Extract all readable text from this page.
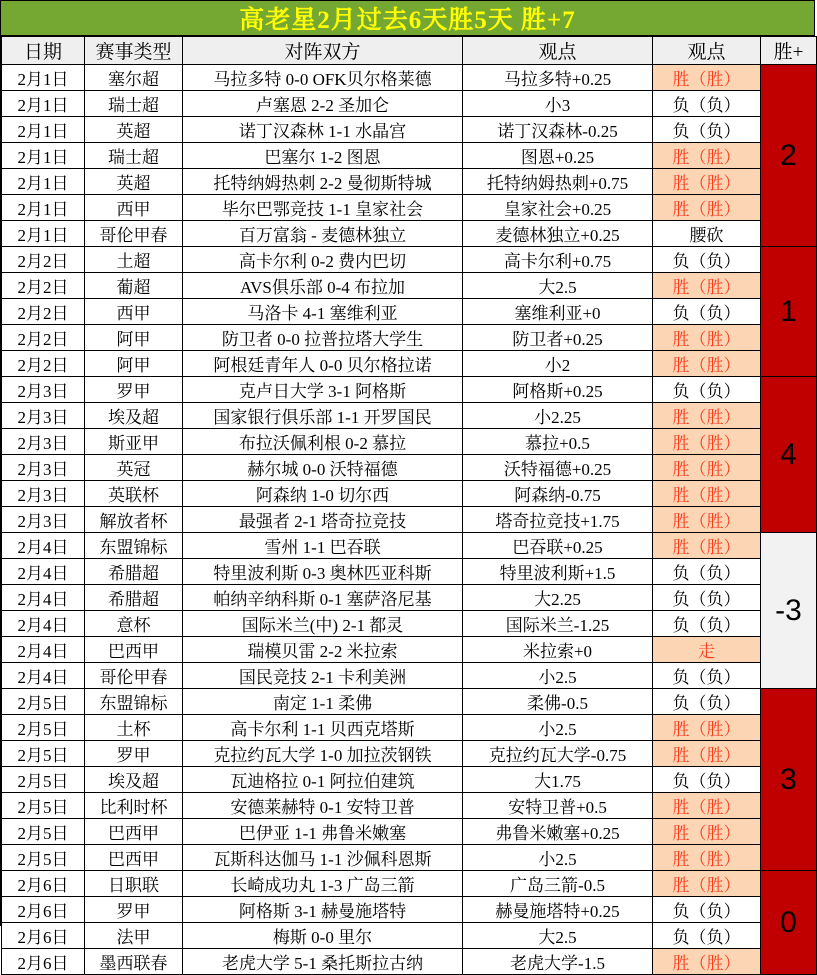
高老星2月过去6天胜5天 胜+7
日期	赛事类型	对阵双方	观点	观点	胜+
2月1日	塞尔超	马拉多特 0-0 OFK贝尔格莱德	马拉多特+0.25	胜（胜）	2
2月1日	瑞士超	卢塞恩 2-2 圣加仑	小3	负（负）	
2月1日	英超	诺丁汉森林 1-1 水晶宫	诺丁汉森林-0.25	负（负）	
2月1日	瑞士超	巴塞尔 1-2 图恩	图恩+0.25	胜（胜）	
2月1日	英超	托特纳姆热刺 2-2 曼彻斯特城	托特纳姆热刺+0.75	胜（胜）	
2月1日	西甲	毕尔巴鄂竞技 1-1 皇家社会	皇家社会+0.25	胜（胜）	
2月1日	哥伦甲春	百万富翁 - 麦德林独立	麦德林独立+0.25	腰砍	
2月2日	土超	高卡尔利 0-2 费内巴切	高卡尔利+0.75	负（负）	1
2月2日	葡超	AVS俱乐部 0-4 布拉加	大2.5	胜（胜）	
2月2日	西甲	马洛卡 4-1 塞维利亚	塞维利亚+0	负（负）	
2月2日	阿甲	防卫者 0-0 拉普拉塔大学生	防卫者+0.25	胜（胜）	
2月2日	阿甲	阿根廷青年人 0-0 贝尔格拉诺	小2	胜（胜）	
2月3日	罗甲	克卢日大学 3-1 阿格斯	阿格斯+0.25	负（负）	4
2月3日	埃及超	国家银行俱乐部 1-1 开罗国民	小2.25	胜（胜）	
2月3日	斯亚甲	布拉沃佩利根 0-2 慕拉	慕拉+0.5	胜（胜）	
2月3日	英冠	赫尔城 0-0 沃特福德	沃特福德+0.25	胜（胜）	
2月3日	英联杯	阿森纳 1-0 切尔西	阿森纳-0.75	胜（胜）	
2月3日	解放者杯	最强者 2-1 塔奇拉竞技	塔奇拉竞技+1.75	胜（胜）	
2月4日	东盟锦标	雪州 1-1 巴吞联	巴吞联+0.25	胜（胜）	-3
2月4日	希腊超	特里波利斯 0-3 奥林匹亚科斯	特里波利斯+1.5	负（负）	
2月4日	希腊超	帕纳辛纳科斯 0-1 塞萨洛尼基	大2.25	负（负）	
2月4日	意杯	国际米兰(中) 2-1 都灵	国际米兰-1.25	负（负）	
2月4日	巴西甲	瑞模贝雷 2-2 米拉索	米拉索+0	走	
2月4日	哥伦甲春	国民竞技 2-1 卡利美洲	小2.5	负（负）	
2月5日	东盟锦标	南定 1-1 柔佛	柔佛-0.5	负（负）	3
2月5日	土杯	高卡尔利 1-1 贝西克塔斯	小2.5	胜（胜）	
2月5日	罗甲	克拉约瓦大学 1-0 加拉茨钢铁	克拉约瓦大学-0.75	胜（胜）	
2月5日	埃及超	瓦迪格拉 0-1 阿拉伯建筑	大1.75	负（负）	
2月5日	比利时杯	安德莱赫特 0-1 安特卫普	安特卫普+0.5	胜（胜）	
2月5日	巴西甲	巴伊亚 1-1 弗鲁米嫩塞	弗鲁米嫩塞+0.25	胜（胜）	
2月5日	巴西甲	瓦斯科达伽马 1-1 沙佩科恩斯	小2.5	胜（胜）	
2月6日	日职联	长崎成功丸 1-3 广岛三箭	广岛三箭-0.5	胜（胜）	0
2月6日	罗甲	阿格斯 3-1 赫曼施塔特	赫曼施塔特+0.25	负（负）	
2月6日	法甲	梅斯 0-0 里尔	大2.5	负（负）	
2月6日	墨西联春	老虎大学 5-1 桑托斯拉古纳	老虎大学-1.5	胜（胜）	
